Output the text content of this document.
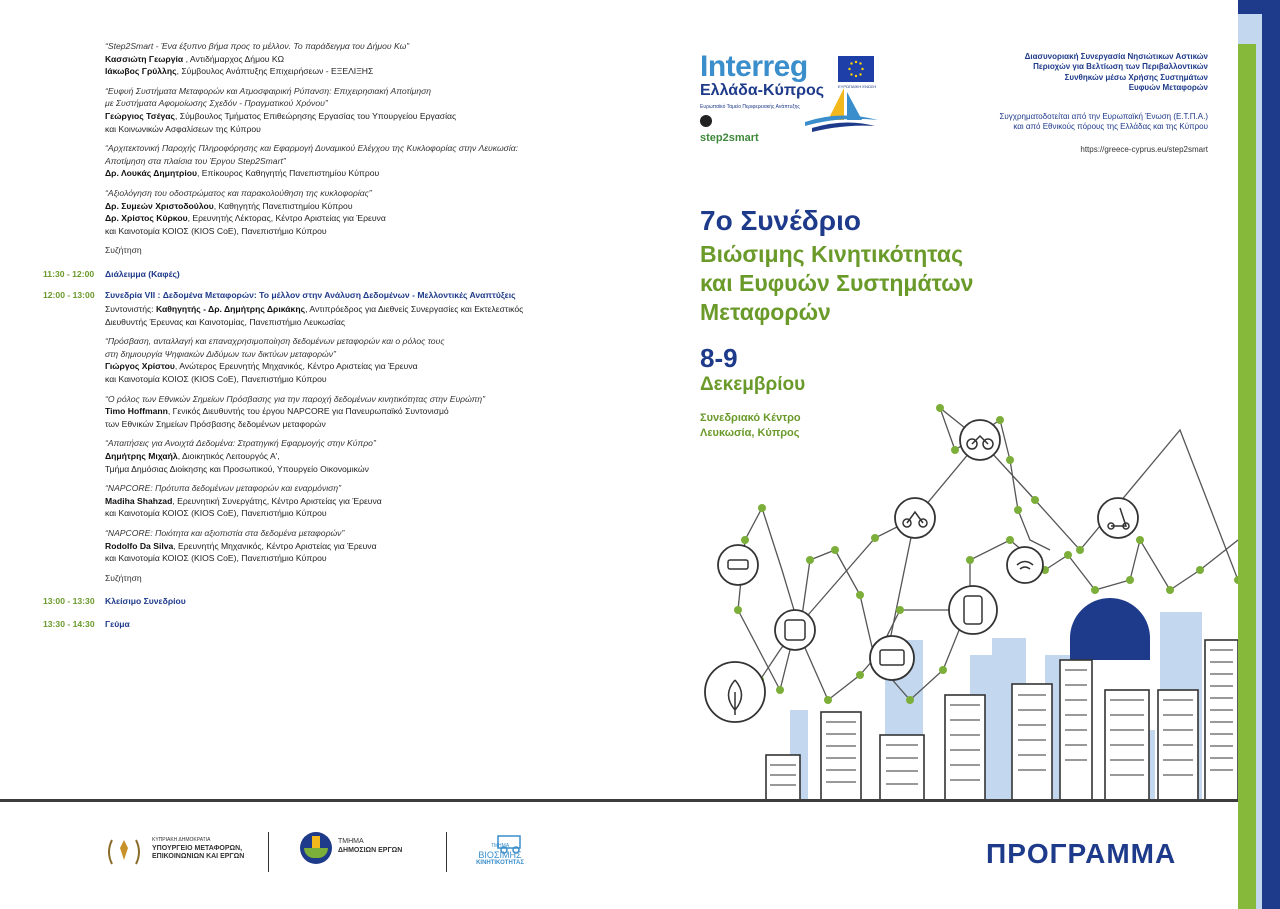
“Step2Smart - Ένα έξυπνο βήμα προς το μέλλον. Το παράδειγμα του Δήμου Κω”
Κασσιώτη Γεωργία , Αντιδήμαρχος Δήμου ΚΩ
Ιάκωβος Γρύλλης, Σύμβουλος Ανάπτυξης Επιχειρήσεων - ΕΞΕΛΙΞΗΣ
“Ευφυή Συστήματα Μεταφορών και Ατμοσφαιρική Ρύπανση: Επιχειρησιακή Αποτίμηση
με Συστήματα Αφομοίωσης Σχεδόν - Πραγματικού Χρόνου”
Γεώργιος Τσέγας, Σύμβουλος Τμήματος Επιθεώρησης Εργασίας του Υπουργείου Εργασίας
και Κοινωνικών Ασφαλίσεων της Κύπρου
“Αρχιτεκτονική Παροχής Πληροφόρησης και Εφαρμογή Δυναμικού Ελέγχου της Κυκλοφορίας στην Λευκωσία:
Αποτίμηση στα πλαίσια του Έργου Step2Smart”
Δρ. Λουκάς Δημητρίου, Επίκουρος Καθηγητής Πανεπιστημίου Κύπρου
“Αξιολόγηση του οδοστρώματος και παρακολούθηση της κυκλοφορίας”
Δρ. Συμεών Χριστοδούλου, Καθηγητής Πανεπιστημίου Κύπρου
Δρ. Χρίστος Κύρκου, Ερευνητής Λέκτορας, Κέντρο Αριστείας για Έρευνα
και Καινοτομία ΚΟΙΟΣ (KIOS CoE), Πανεπιστήμιο Κύπρου
Συζήτηση
11:30 - 12:00	Διάλειμμα (Καφές)
12:00 - 13:00	Συνεδρία VII : Δεδομένα Μεταφορών: Το μέλλον στην Ανάλυση Δεδομένων - Μελλοντικές Αναπτύξεις
Συντονιστής: Καθηγητής - Δρ. Δημήτρης Δρικάκης, Αντιπρόεδρος για Διεθνείς Συνεργασίες και Εκτελεστικός
Διευθυντής Έρευνας και Καινοτομίας, Πανεπιστήμιο Λευκωσίας
“Πρόσβαση, ανταλλαγή και επαναχρησιμοποίηση δεδομένων μεταφορών και ο ρόλος τους
στη δημιουργία Ψηφιακών Διδύμων των δικτύων μεταφορών”
Γιώργος Χρίστου, Ανώτερος Ερευνητής Μηχανικός, Κέντρο Αριστείας για Έρευνα
και Καινοτομία ΚΟΙΟΣ (KIOS CoE), Πανεπιστήμιο Κύπρου
“Ο ρόλος των Εθνικών Σημείων Πρόσβασης για την παροχή δεδομένων κινητικότητας στην Ευρώπη”
Timo Hoffmann, Γενικός Διευθυντής του έργου NAPCORE για Πανευρωπαϊκό Συντονισμό
των Εθνικών Σημείων Πρόσβασης δεδομένων μεταφορών
“Απαιτήσεις για Ανοιχτά Δεδομένα: Στρατηγική Εφαρμογής στην Κύπρο”
Δημήτρης Μιχαήλ, Διοικητικός Λειτουργός Α',
Τμήμα Δημόσιας Διοίκησης και Προσωπικού, Υπουργείο Οικονομικών
“NAPCORE: Πρότυπα δεδομένων μεταφορών και εναρμόνιση”
Madiha Shahzad, Ερευνητική Συνεργάτης, Κέντρο Αριστείας για Έρευνα
και Καινοτομία ΚΟΙΟΣ (KIOS CoE), Πανεπιστήμιο Κύπρου
“NAPCORE: Ποιότητα και αξιοπιστία στα δεδομένα μεταφορών”
Rodolfo Da Silva, Ερευνητής Μηχανικός, Κέντρο Αριστείας για Έρευνα
και Καινοτομία ΚΟΙΟΣ (KIOS CoE), Πανεπιστήμιο Κύπρου
Συζήτηση
13:00 - 13:30	Κλείσιμο Συνεδρίου
13:30 - 14:30	Γεύμα
Interreg
ΕΥΡΩΠΑΪΚΗ ΕΝΩΣΗ
Ελλάδα-Κύπρος
Ευρωπαϊκό Ταμείο Περιφερειακής Ανάπτυξης
step2smart
Διασυνοριακή Συνεργασία Νησιώτικων Αστικών
Περιοχών για Βελτίωση των Περιβαλλοντικών
Συνθηκών μέσω Χρήσης Συστημάτων
Ευφυών Μεταφορών
Συγχρηματοδοτείται από την Ευρωπαϊκή Ένωση (Ε.Τ.Π.Α.)
και από Εθνικούς πόρους της Ελλάδας και της Κύπρου
https://greece-cyprus.eu/step2smart
7ο Συνέδριο
Βιώσιμης Κινητικότητας
και Ευφυών Συστημάτων
Μεταφορών
8-9
Δεκεμβρίου
Συνεδριακό Κέντρο
Λευκωσία, Κύπρος
ΚΥΠΡΙΑΚΗ ΔΗΜΟΚΡΑΤΙΑ
ΥΠΟΥΡΓΕΙΟ ΜΕΤΑΦΟΡΩΝ,
ΕΠΙΚΟΙΝΩΝΙΩΝ ΚΑΙ ΕΡΓΩΝ
ΤΜΗΜΑ
ΔΗΜΟΣΙΩΝ ΕΡΓΩΝ
ΤΜΗΜΑ
ΒΙΟΣΙΜΗΣ
ΚΙΝΗΤΙΚΟΤΗΤΑΣ	ΠΡΟΓΡΑΜΜΑ
